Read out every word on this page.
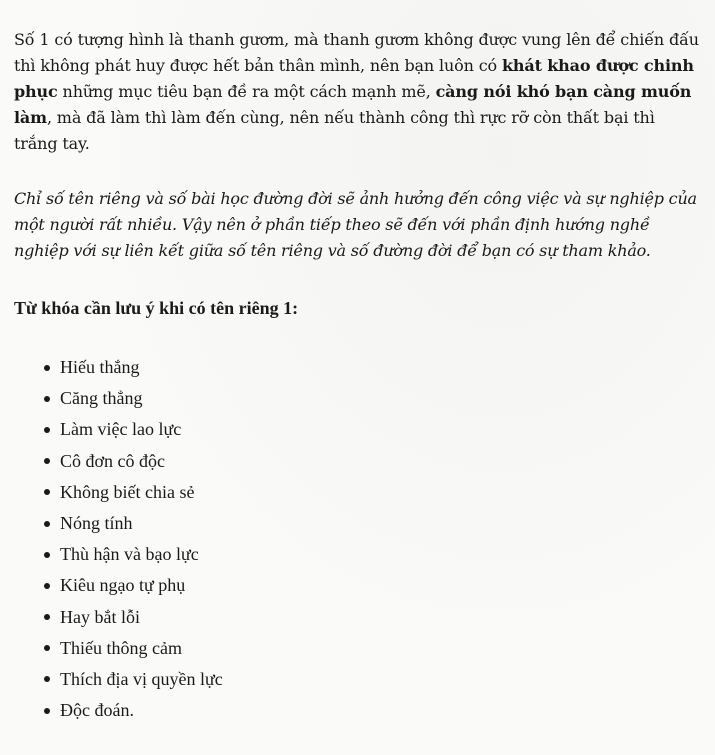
Số 1 có tượng hình là thanh gươm, mà thanh gươm không được vung lên để chiến đấu thì không phát huy được hết bản thân mình, nên bạn luôn có khát khao được chinh phục những mục tiêu bạn đề ra một cách mạnh mẽ, càng nói khó bạn càng muốn làm, mà đã làm thì làm đến cùng, nên nếu thành công thì rực rỡ còn thất bại thì trắng tay.

Chỉ số tên riêng và số bài học đường đời sẽ ảnh hưởng đến công việc và sự nghiệp của một người rất nhiều. Vậy nên ở phần tiếp theo sẽ đến với phần định hướng nghề nghiệp với sự liên kết giữa số tên riêng và số đường đời để bạn có sự tham khảo.

Từ khóa cần lưu ý khi có tên riêng 1:
Hiếu thắng
Căng thẳng
Làm việc lao lực
Cô đơn cô độc
Không biết chia sẻ
Nóng tính
Thù hận và bạo lực
Kiêu ngạo tự phụ
Hay bắt lỗi
Thiếu thông cảm
Thích địa vị quyền lực
Độc đoán.
